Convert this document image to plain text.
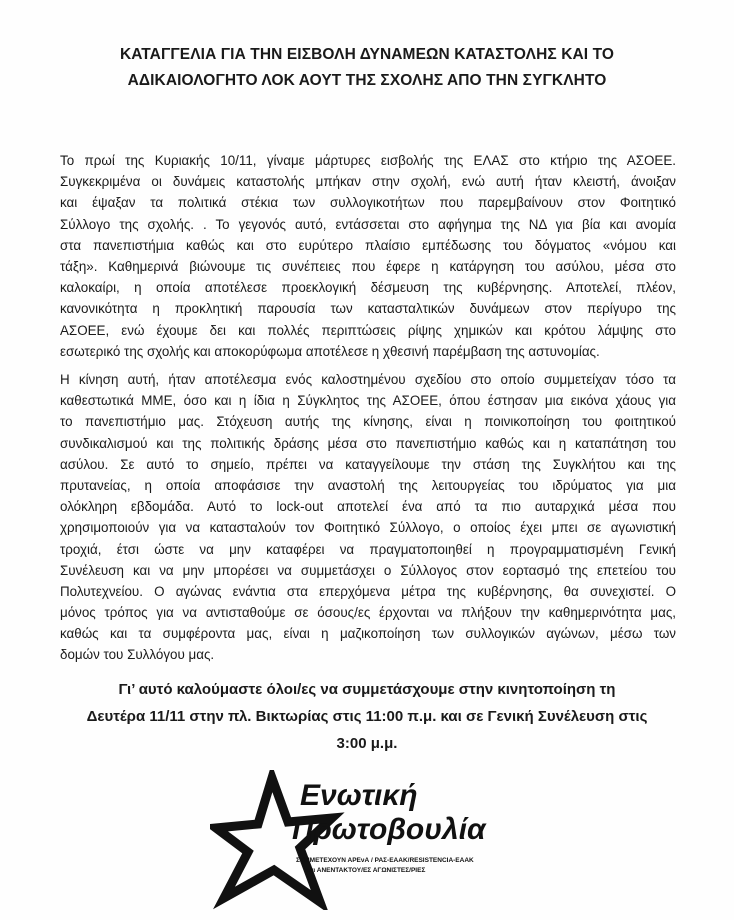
ΚΑΤΑΓΓΕΛΙΑ ΓΙΑ ΤΗΝ ΕΙΣΒΟΛΗ ΔΥΝΑΜΕΩΝ ΚΑΤΑΣΤΟΛΗΣ ΚΑΙ ΤΟ
ΑΔΙΚΑΙΟΛΟΓΗΤΟ ΛΟΚ ΑΟΥΤ ΤΗΣ ΣΧΟΛΗΣ ΑΠΟ ΤΗΝ ΣΥΓΚΛΗΤΟ
Το πρωί της Κυριακής 10/11, γίναμε μάρτυρες εισβολής της ΕΛΑΣ στο κτήριο της ΑΣΟΕΕ.
Συγκεκριμένα οι δυνάμεις καταστολής μπήκαν στην σχολή, ενώ αυτή ήταν κλειστή, άνοιξαν
και έψαξαν τα πολιτικά στέκια των συλλογικοτήτων που παρεμβαίνουν στον Φοιτητικό
Σύλλογο της σχολής. . Το γεγονός αυτό, εντάσσεται στο αφήγημα της ΝΔ για βία και ανομία
στα πανεπιστήμια καθώς και στο ευρύτερο πλαίσιο εμπέδωσης του δόγματος «νόμου και
τάξη». Καθημερινά βιώνουμε τις συνέπειες που έφερε η κατάργηση του ασύλου, μέσα στο
καλοκαίρι, η οποία αποτέλεσε προεκλογική δέσμευση της κυβέρνησης. Αποτελεί, πλέον,
κανονικότητα η προκλητική παρουσία των κατασταλτικών δυνάμεων στον περίγυρο της
ΑΣΟΕΕ, ενώ έχουμε δει και πολλές περιπτώσεις ρίψης χημικών και κρότου λάμψης στο
εσωτερικό της σχολής και αποκορύφωμα αποτέλεσε η χθεσινή παρέμβαση της αστυνομίας.
Η κίνηση αυτή, ήταν αποτέλεσμα ενός καλοστημένου σχεδίου στο οποίο συμμετείχαν τόσο τα
καθεστωτικά ΜΜΕ, όσο και η ίδια η Σύγκλητος της ΑΣΟΕΕ, όπου έστησαν μια εικόνα χάους για
το πανεπιστήμιο μας. Στόχευση αυτής της κίνησης, είναι η ποινικοποίηση του φοιτητικού
συνδικαλισμού και της πολιτικής δράσης μέσα στο πανεπιστήμιο καθώς και η καταπάτηση του
ασύλου. Σε αυτό το σημείο, πρέπει να καταγγείλουμε την στάση της Συγκλήτου και της
πρυτανείας, η οποία αποφάσισε την αναστολή της λειτουργείας του ιδρύματος για μια
ολόκληρη εβδομάδα. Αυτό το lock-out αποτελεί ένα από τα πιο αυταρχικά μέσα που
χρησιμοποιούν για να κατασταλούν τον Φοιτητικό Σύλλογο, ο οποίος έχει μπει σε αγωνιστική
τροχιά, έτσι ώστε να μην καταφέρει να πραγματοποιηθεί η προγραμματισμένη Γενική
Συνέλευση και να μην μπορέσει να συμμετάσχει ο Σύλλογος στον εορτασμό της επετείου του
Πολυτεχνείου. Ο αγώνας ενάντια στα επερχόμενα μέτρα της κυβέρνησης, θα συνεχιστεί. Ο
μόνος τρόπος για να αντισταθούμε σε όσους/ες έρχονται να πλήξουν την καθημερινότητα μας,
καθώς και τα συμφέροντα μας, είναι η μαζικοποίηση των συλλογικών αγώνων, μέσω των
δομών του Συλλόγου μας.
Γι’ αυτό καλούμαστε όλοι/ες να συμμετάσχουμε στην κινητοποίηση τη
Δευτέρα 11/11 στην πλ. Βικτωρίας στις 11:00 π.μ. και σε Γενική Συνέλευση στις
3:00 μ.μ.
Ενωτική
Πρωτοβουλία
ΣΥΜΜΕΤΕΧΟΥΝ ΑΡΕνΑ / ΡΑΣ-ΕΑΑΚ/RESISTENCIA-ΕΑΑΚ
και ΑΝΕΝΤΑΚΤΟΥ/ΕΣ ΑΓΩΝΙΣΤΕΣ/ΡΙΕΣ
